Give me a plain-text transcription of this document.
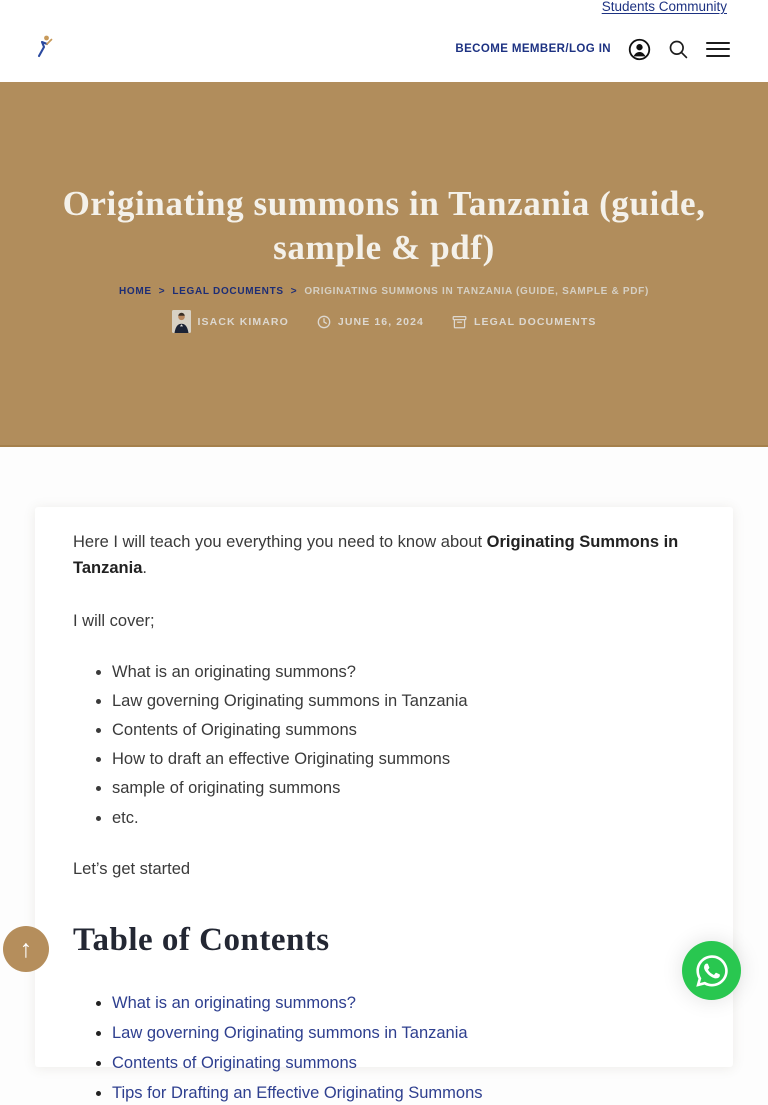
Students Community
BECOME MEMBER/LOG IN
Originating summons in Tanzania (guide, sample & pdf)
HOME > LEGAL DOCUMENTS > ORIGINATING SUMMONS IN TANZANIA (GUIDE, SAMPLE & PDF)
ISACK KIMARO	JUNE 16, 2024	LEGAL DOCUMENTS

Here I will teach you everything you need to know about Originating Summons in Tanzania.

I will cover;

• What is an originating summons?
• Law governing Originating summons in Tanzania
• Contents of Originating summons
• How to draft an effective Originating summons
• sample of originating summons
• etc.

Let’s get started

Table of Contents
• What is an originating summons?
• Law governing Originating summons in Tanzania
• Contents of Originating summons
• Tips for Drafting an Effective Originating Summons
↑
